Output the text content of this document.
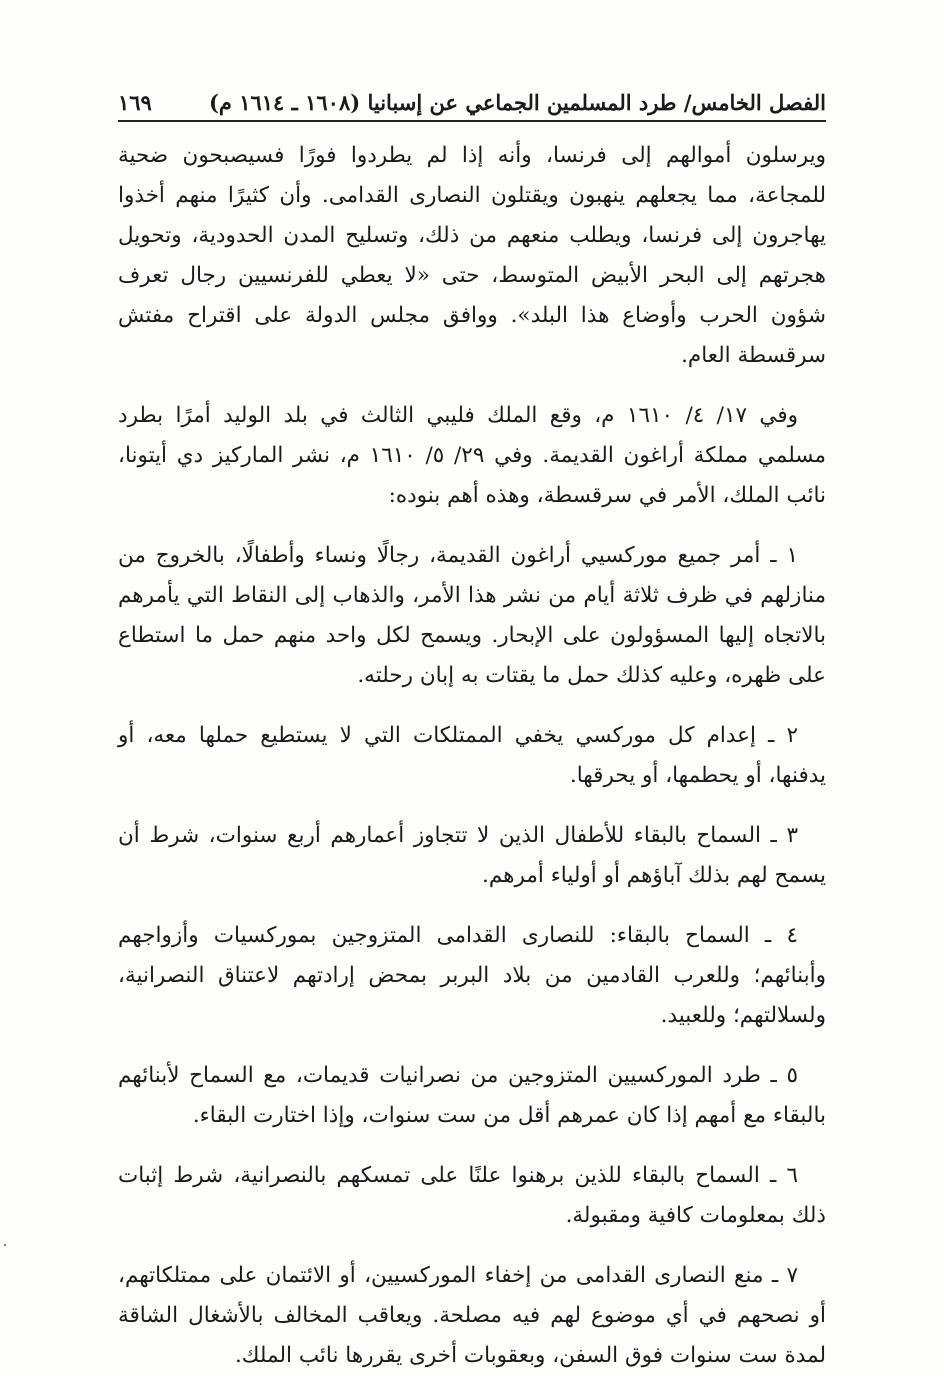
الفصل الخامس/ طرد المسلمين الجماعي عن إسبانيا (١٦٠٨ ـ ١٦١٤ م)
١٦٩

ويرسلون أموالهم إلى فرنسا، وأنه إذا لم يطردوا فورًا فسيصبحون ضحية للمجاعة، مما يجعلهم ينهبون ويقتلون النصارى القدامى. وأن كثيرًا منهم أخذوا يهاجرون إلى فرنسا، ويطلب منعهم من ذلك، وتسليح المدن الحدودية، وتحويل هجرتهم إلى البحر الأبيض المتوسط، حتى «لا يعطي للفرنسيين رجال تعرف شؤون الحرب وأوضاع هذا البلد». ووافق مجلس الدولة على اقتراح مفتش سرقسطة العام.

وفي ١٧/ ٤/ ١٦١٠ م، وقع الملك فليبي الثالث في بلد الوليد أمرًا بطرد مسلمي مملكة أراغون القديمة. وفي ٢٩/ ٥/ ١٦١٠ م، نشر الماركيز دي أيتونا، نائب الملك، الأمر في سرقسطة، وهذه أهم بنوده:

١ ـ أمر جميع موركسيي أراغون القديمة، رجالًا ونساء وأطفالًا، بالخروج من منازلهم في ظرف ثلاثة أيام من نشر هذا الأمر، والذهاب إلى النقاط التي يأمرهم بالاتجاه إليها المسؤولون على الإبحار. ويسمح لكل واحد منهم حمل ما استطاع على ظهره، وعليه كذلك حمل ما يقتات به إبان رحلته.

٢ ـ إعدام كل موركسي يخفي الممتلكات التي لا يستطيع حملها معه، أو يدفنها، أو يحطمها، أو يحرقها.

٣ ـ السماح بالبقاء للأطفال الذين لا تتجاوز أعمارهم أربع سنوات، شرط أن يسمح لهم بذلك آباؤهم أو أولياء أمرهم.

٤ ـ السماح بالبقاء: للنصارى القدامى المتزوجين بموركسيات وأزواجهم وأبنائهم؛ وللعرب القادمين من بلاد البربر بمحض إرادتهم لاعتناق النصرانية، ولسلالتهم؛ وللعبيد.

٥ ـ طرد الموركسيين المتزوجين من نصرانيات قديمات، مع السماح لأبنائهم بالبقاء مع أمهم إذا كان عمرهم أقل من ست سنوات، وإذا اختارت البقاء.

٦ ـ السماح بالبقاء للذين برهنوا علنًا على تمسكهم بالنصرانية، شرط إثبات ذلك بمعلومات كافية ومقبولة.

٧ ـ منع النصارى القدامى من إخفاء الموركسيين، أو الائتمان على ممتلكاتهم، أو نصحهم في أي موضوع لهم فيه مصلحة. ويعاقب المخالف بالأشغال الشاقة لمدة ست سنوات فوق السفن، وبعقوبات أخرى يقررها نائب الملك.
